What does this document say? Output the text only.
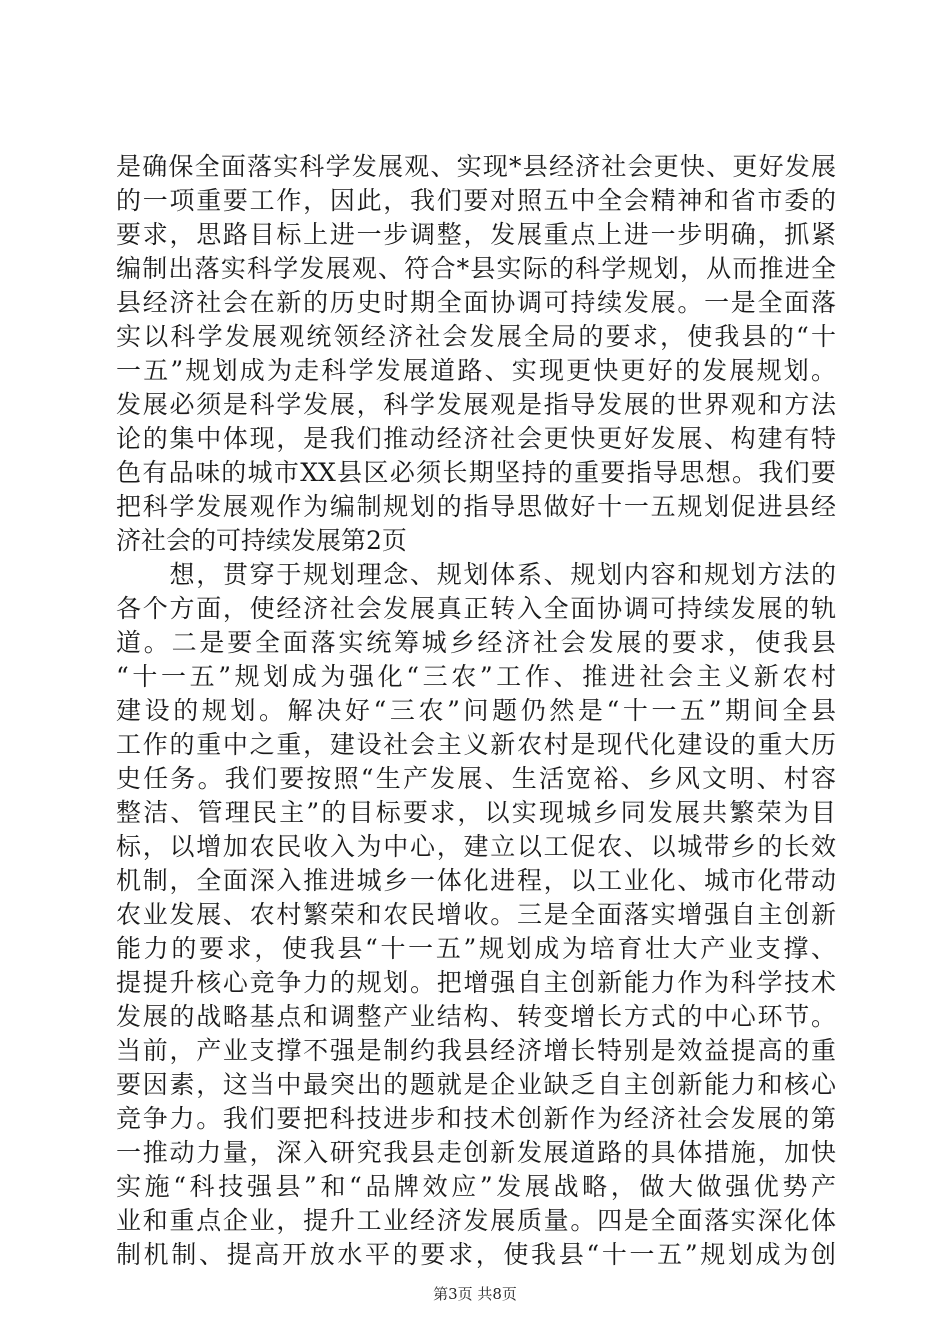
是确保全面落实科学发展观、实现*县经济社会更快、更好发展
的一项重要工作，因此，我们要对照五中全会精神和省市委的
要求，思路目标上进一步调整，发展重点上进一步明确，抓紧
编制出落实科学发展观、符合*县实际的科学规划，从而推进全
县经济社会在新的历史时期全面协调可持续发展。一是全面落
实以科学发展观统领经济社会发展全局的要求，使我县的“十
一五”规划成为走科学发展道路、实现更快更好的发展规划。
发展必须是科学发展，科学发展观是指导发展的世界观和方法
论的集中体现，是我们推动经济社会更快更好发展、构建有特
色有品味的城市XX县区必须长期坚持的重要指导思想。我们要
把科学发展观作为编制规划的指导思做好十一五规划促进县经
济社会的可持续发展第2页
　　想，贯穿于规划理念、规划体系、规划内容和规划方法的
各个方面，使经济社会发展真正转入全面协调可持续发展的轨
道。二是要全面落实统筹城乡经济社会发展的要求，使我县
“十一五”规划成为强化“三农”工作、推进社会主义新农村
建设的规划。解决好“三农”问题仍然是“十一五”期间全县
工作的重中之重，建设社会主义新农村是现代化建设的重大历
史任务。我们要按照“生产发展、生活宽裕、乡风文明、村容
整洁、管理民主”的目标要求，以实现城乡同发展共繁荣为目
标，以增加农民收入为中心，建立以工促农、以城带乡的长效
机制，全面深入推进城乡一体化进程，以工业化、城市化带动
农业发展、农村繁荣和农民增收。三是全面落实增强自主创新
能力的要求，使我县“十一五”规划成为培育壮大产业支撑、
提提升核心竞争力的规划。把增强自主创新能力作为科学技术
发展的战略基点和调整产业结构、转变增长方式的中心环节。
当前，产业支撑不强是制约我县经济增长特别是效益提高的重
要因素，这当中最突出的题就是企业缺乏自主创新能力和核心
竞争力。我们要把科技进步和技术创新作为经济社会发展的第
一推动力量，深入研究我县走创新发展道路的具体措施，加快
实施“科技强县”和“品牌效应”发展战略，做大做强优势产
业和重点企业，提升工业经济发展质量。四是全面落实深化体
制机制、提高开放水平的要求，使我县“十一五”规划成为创
第3页 共8页
